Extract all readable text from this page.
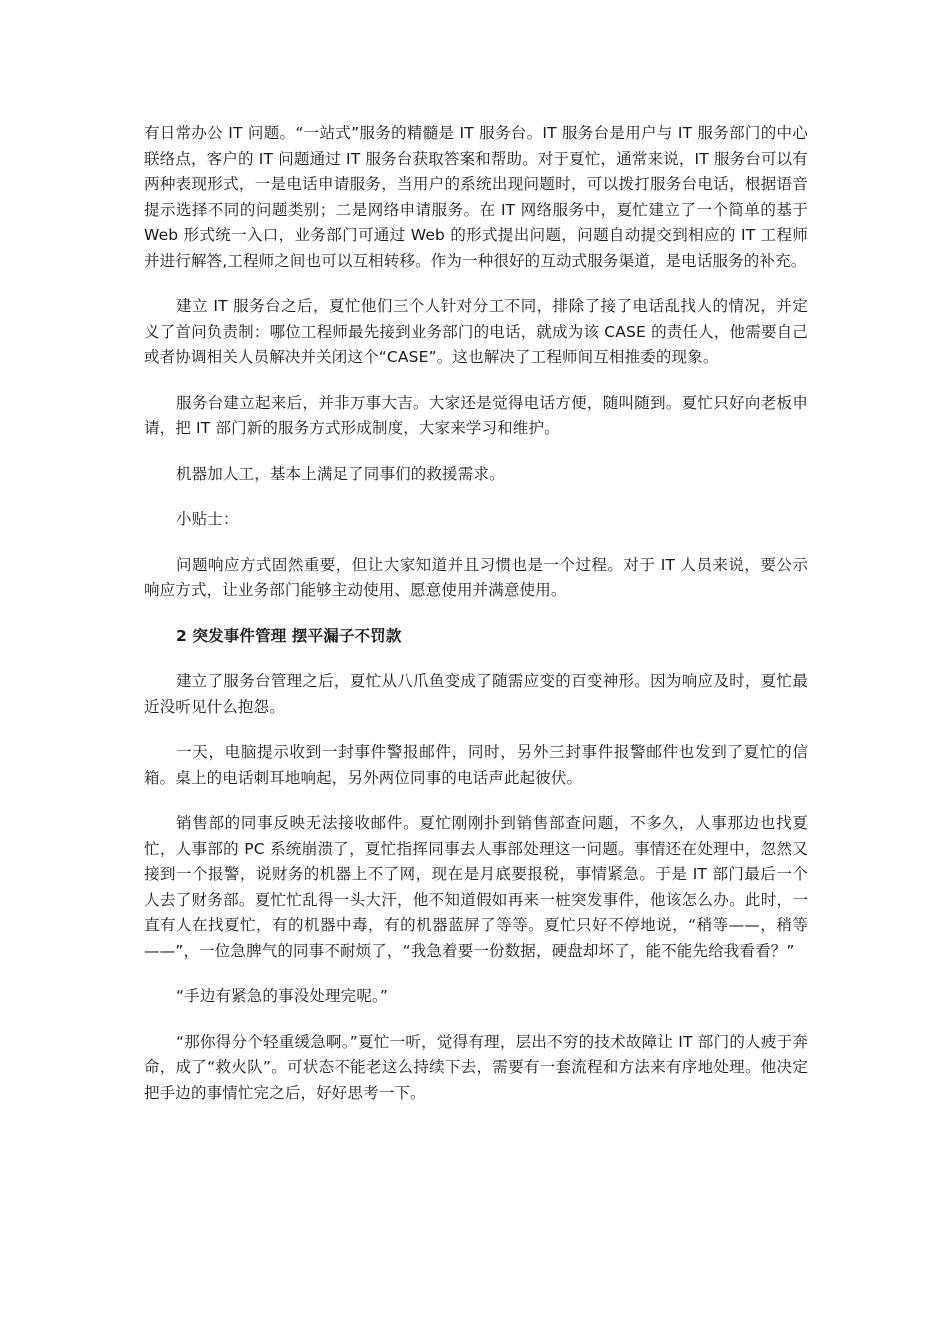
有日常办公 IT 问题。“一站式”服务的精髓是 IT 服务台。IT 服务台是用户与 IT 服务部门的中心联络点，客户的 IT 问题通过 IT 服务台获取答案和帮助。对于夏忙，通常来说，IT 服务台可以有两种表现形式，一是电话申请服务，当用户的系统出现问题时，可以拨打服务台电话，根据语音提示选择不同的问题类别；二是网络申请服务。在 IT 网络服务中，夏忙建立了一个简单的基于 Web 形式统一入口，业务部门可通过 Web 的形式提出问题，问题自动提交到相应的 IT 工程师并进行解答,工程师之间也可以互相转移。作为一种很好的互动式服务渠道，是电话服务的补充。

建立 IT 服务台之后，夏忙他们三个人针对分工不同，排除了接了电话乱找人的情况，并定义了首问负责制：哪位工程师最先接到业务部门的电话，就成为该 CASE 的责任人，他需要自己或者协调相关人员解决并关闭这个“CASE”。这也解决了工程师间互相推委的现象。

服务台建立起来后，并非万事大吉。大家还是觉得电话方便，随叫随到。夏忙只好向老板申请，把 IT 部门新的服务方式形成制度，大家来学习和维护。

机器加人工，基本上满足了同事们的救援需求。

小贴士：

问题响应方式固然重要，但让大家知道并且习惯也是一个过程。对于 IT 人员来说，要公示响应方式，让业务部门能够主动使用、愿意使用并满意使用。

2 突发事件管理 摆平漏子不罚款

建立了服务台管理之后，夏忙从八爪鱼变成了随需应变的百变神形。因为响应及时，夏忙最近没听见什么抱怨。

一天，电脑提示收到一封事件警报邮件，同时，另外三封事件报警邮件也发到了夏忙的信箱。桌上的电话刺耳地响起，另外两位同事的电话声此起彼伏。

销售部的同事反映无法接收邮件。夏忙刚刚扑到销售部查问题，不多久，人事那边也找夏忙，人事部的 PC 系统崩溃了，夏忙指挥同事去人事部处理这一问题。事情还在处理中，忽然又接到一个报警，说财务的机器上不了网，现在是月底要报税，事情紧急。于是 IT 部门最后一个人去了财务部。夏忙忙乱得一头大汗，他不知道假如再来一桩突发事件，他该怎么办。此时，一直有人在找夏忙，有的机器中毒，有的机器蓝屏了等等。夏忙只好不停地说，“稍等——，稍等——”，一位急脾气的同事不耐烦了，“我急着要一份数据，硬盘却坏了，能不能先给我看看？”

“手边有紧急的事没处理完呢。”

“那你得分个轻重缓急啊。”夏忙一听，觉得有理，层出不穷的技术故障让 IT 部门的人疲于奔命，成了“救火队”。可状态不能老这么持续下去，需要有一套流程和方法来有序地处理。他决定把手边的事情忙完之后，好好思考一下。
